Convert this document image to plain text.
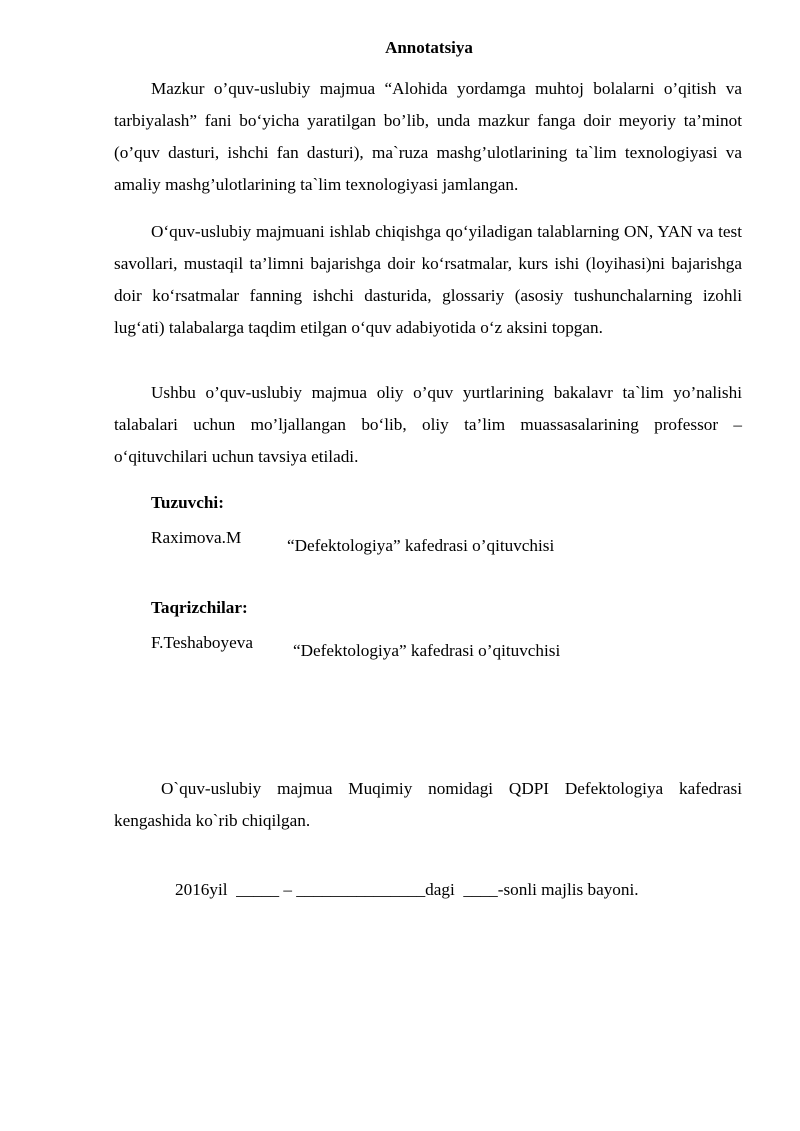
Annotatsiya

Mazkur o’quv-uslubiy majmua “Alohida yordamga muhtoj bolalarni o’qitish va tarbiyalash” fani bo‘yicha yaratilgan bo’lib, unda mazkur fanga doir meyoriy ta’minot (o’quv dasturi, ishchi fan dasturi), ma`ruza mashg’ulotlarining ta`lim texnologiyasi va amaliy mashg’ulotlarining ta`lim texnologiyasi jamlangan.

O‘quv-uslubiy majmuani ishlab chiqishga qo‘yiladigan talablarning ON, YAN va test savollari, mustaqil ta’limni bajarishga doir ko‘rsatmalar, kurs ishi (loyihasi)ni bajarishga doir ko‘rsatmalar fanning ishchi dasturida, glossariy (asosiy tushunchalarning izohli lug‘ati) talabalarga taqdim etilgan o‘quv adabiyotida o‘z aksini topgan.

Ushbu o’quv-uslubiy majmua oliy o’quv yurtlarining bakalavr ta`lim yo’nalishi talabalari uchun mo’ljallangan bo‘lib, oliy ta’lim muassasalarining professor – o‘qituvchilari uchun tavsiya etiladi.

Tuzuvchi:

Raximova.M	“Defektologiya” kafedrasi o’qituvchisi

Taqrizchilar:

F.Teshaboyeva “Defektologiya” kafedrasi o’qituvchisi

O`quv-uslubiy majmua Muqimiy nomidagi QDPI Defektologiya kafedrasi kengashida ko`rib chiqilgan.

2016yil  _____ – _______________dagi  ____-sonli majlis bayoni.
